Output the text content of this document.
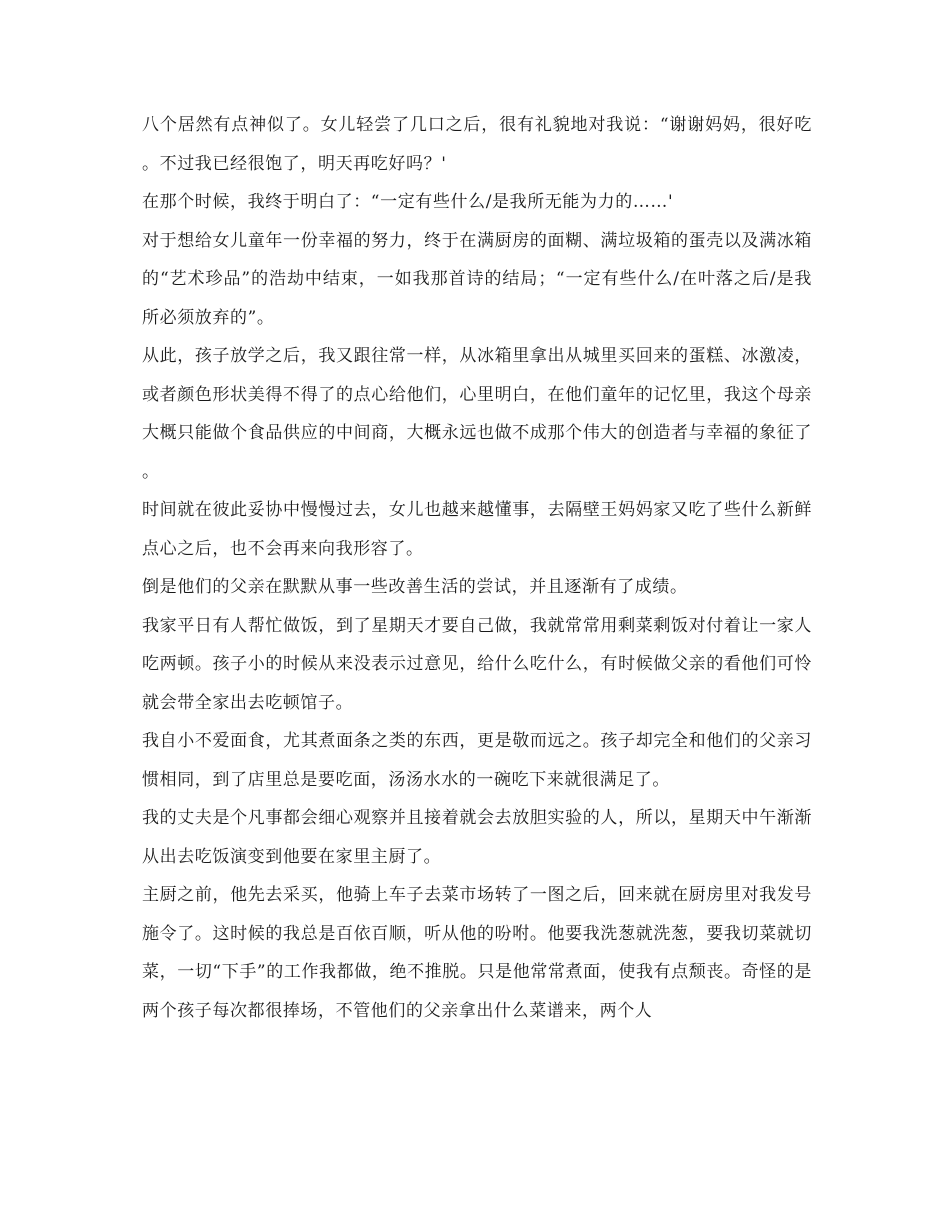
八个居然有点神似了。女儿轻尝了几口之后，很有礼貌地对我说：“谢谢妈妈，很好吃。不过我已经很饱了，明天再吃好吗？'

在那个时候，我终于明白了：“一定有些什么/是我所无能为力的……'

对于想给女儿童年一份幸福的努力，终于在满厨房的面糊、满垃圾箱的蛋壳以及满冰箱的“艺术珍品”的浩劫中结束，一如我那首诗的结局；“一定有些什么/在叶落之后/是我所必须放弃的”。

从此，孩子放学之后，我又跟往常一样，从冰箱里拿出从城里买回来的蛋糕、冰激凌，或者颜色形状美得不得了的点心给他们，心里明白，在他们童年的记忆里，我这个母亲大概只能做个食品供应的中间商，大概永远也做不成那个伟大的创造者与幸福的象征了。

时间就在彼此妥协中慢慢过去，女儿也越来越懂事，去隔壁王妈妈家又吃了些什么新鲜点心之后，也不会再来向我形容了。

倒是他们的父亲在默默从事一些改善生活的尝试，并且逐渐有了成绩。

我家平日有人帮忙做饭，到了星期天才要自己做，我就常常用剩菜剩饭对付着让一家人吃两顿。孩子小的时候从来没表示过意见，给什么吃什么，有时候做父亲的看他们可怜就会带全家出去吃顿馆子。

我自小不爱面食，尤其煮面条之类的东西，更是敬而远之。孩子却完全和他们的父亲习惯相同，到了店里总是要吃面，汤汤水水的一碗吃下来就很满足了。

我的丈夫是个凡事都会细心观察并且接着就会去放胆实验的人，所以，星期天中午渐渐从出去吃饭演变到他要在家里主厨了。

主厨之前，他先去采买，他骑上车子去菜市场转了一图之后，回来就在厨房里对我发号施令了。这时候的我总是百依百顺，听从他的吩咐。他要我洗葱就洗葱，要我切菜就切菜，一切“下手”的工作我都做，绝不推脱。只是他常常煮面，使我有点颓丧。奇怪的是两个孩子每次都很捧场，不管他们的父亲拿出什么菜谱来，两个人
